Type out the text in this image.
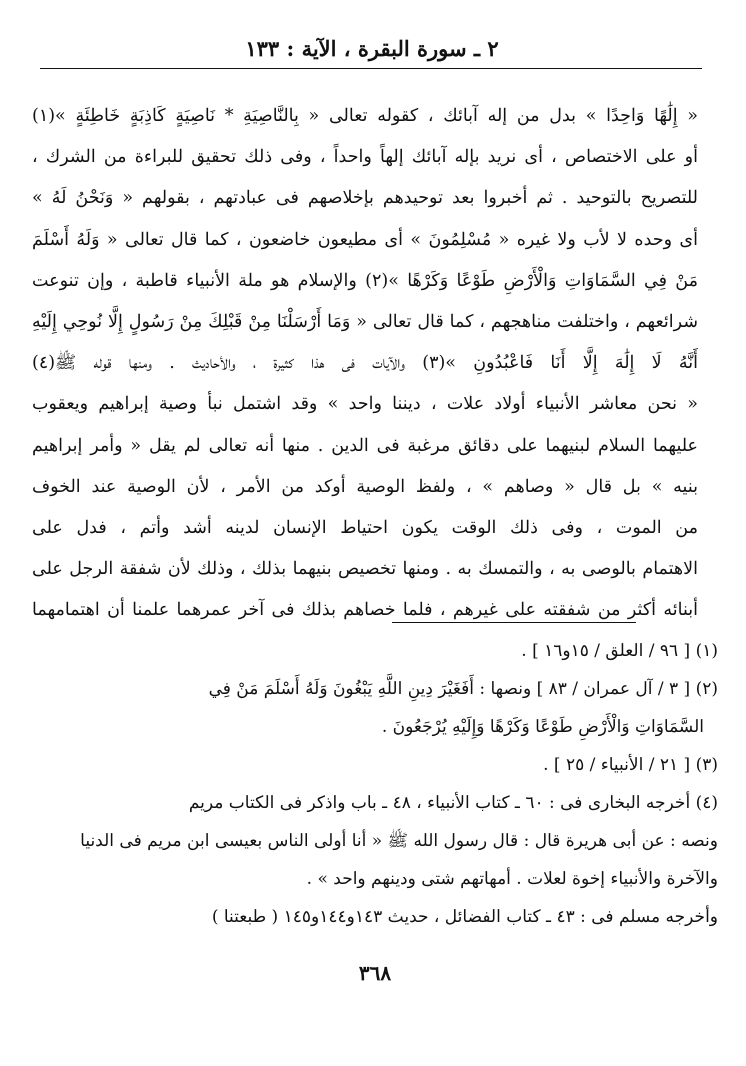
٢ ـ سورة البقرة ، الآية : ١٣٣
« إِلَٰهًا وَاحِدًا » بدل من إله آبائك ، كقوله تعالى « بِالنَّاصِيَةِ * نَاصِيَةٍ كَاذِبَةٍ خَاطِئَةٍ »(١)
أو على الاختصاص ، أى نريد بإله آبائك إلهاً واحداً ، وفى ذلك تحقيق للبراءة من الشرك ،
للتصريح بالتوحيد . ثم أخبروا بعد توحيدهم بإخلاصهم فى عبادتهم ، بقولهم « وَنَحْنُ لَهُ »
أى وحده لا لأب ولا غيره « مُسْلِمُونَ » أى مطيعون خاضعون ، كما قال تعالى « وَلَهُ أَسْلَمَ
مَنْ فِي السَّمَاوَاتِ وَالْأَرْضِ طَوْعًا وَكَرْهًا »(٢) والإسلام هو ملة الأنبياء قاطبة ، وإن تنوعت
شرائعهم ، واختلفت مناهجهم ، كما قال تعالى « وَمَا أَرْسَلْنَا مِنْ قَبْلِكَ مِنْ رَسُولٍ إِلَّا نُوحِي إِلَيْهِ
أَنَّهُ لَا إِلَٰهَ إِلَّا أَنَا فَاعْبُدُونِ »(٣) والآيات فى هذا كثيرة ، والأحاديث . ومنها قوله ﷺ(٤)
« نحن معاشر الأنبياء أولاد علات ، ديننا واحد » وقد اشتمل نبأ وصية إبراهيم ويعقوب
عليهما السلام لبنيهما على دقائق مرغبة فى الدين . منها أنه تعالى لم يقل « وأمر إبراهيم
بنيه » بل قال « وصاهم » ، ولفظ الوصية أوكد من الأمر ، لأن الوصية عند الخوف
من الموت ، وفى ذلك الوقت يكون احتياط الإنسان لدينه أشد وأتم ، فدل على
الاهتمام بالوصى به ، والتمسك به . ومنها تخصيص بنيهما بذلك ، وذلك لأن شفقة الرجل على
أبنائه أكثر من شفقته على غيرهم ، فلما خصاهم بذلك فى آخر عمرهما علمنا أن اهتمامهما
(١) [ ٩٦ / العلق / ١٥و١٦ ] .
(٢) [ ٣ / آل عمران / ٨٣ ] ونصها : أَفَغَيْرَ دِينِ اللَّهِ يَبْغُونَ وَلَهُ أَسْلَمَ مَنْ فِي
السَّمَاوَاتِ وَالْأَرْضِ طَوْعًا وَكَرْهًا وَإِلَيْهِ يُرْجَعُونَ .
(٣) [ ٢١ / الأنبياء / ٢٥ ] .
(٤) أخرجه البخارى فى : ٦٠ ـ كتاب الأنبياء ، ٤٨ ـ باب واذكر فى الكتاب مريم
ونصه : عن أبى هريرة قال : قال رسول الله ﷺ « أنا أولى الناس بعيسى ابن مريم فى الدنيا
والآخرة والأنبياء إخوة لعلات . أمهاتهم شتى ودينهم واحد » .
وأخرجه مسلم فى : ٤٣ ـ كتاب الفضائل ، حديث ١٤٣و١٤٤و١٤٥ ( طبعتنا )
٣٦٨
